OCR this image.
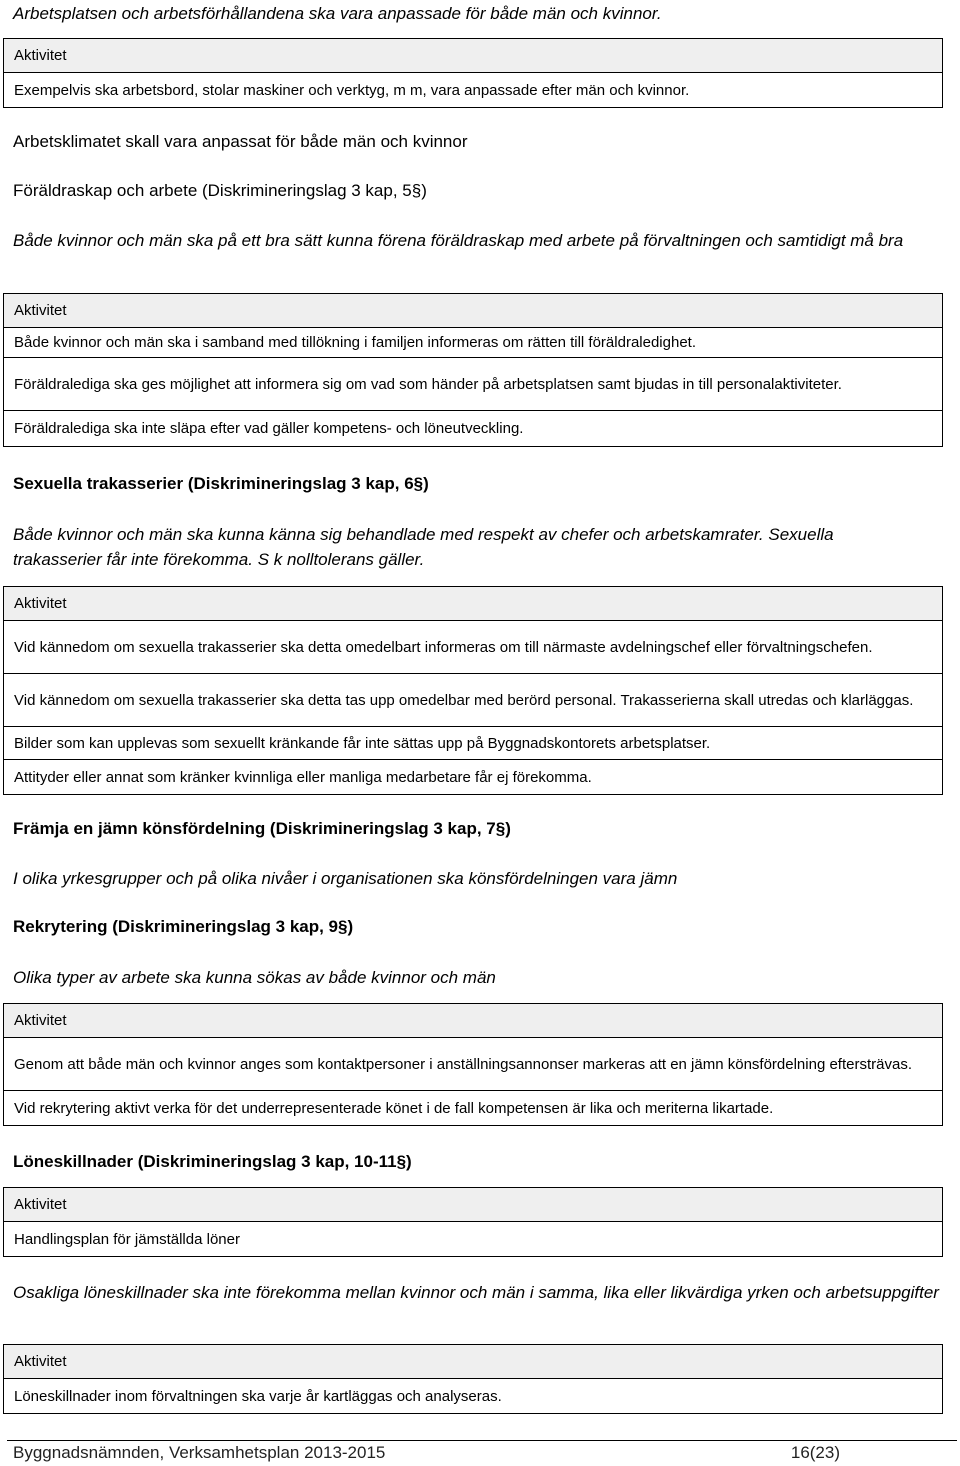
Arbetsplatsen och arbetsförhållandena ska vara anpassade för både män och kvinnor.
Aktivitet
Exempelvis ska arbetsbord, stolar maskiner och verktyg, m m, vara anpassade efter män och kvinnor.
Arbetsklimatet skall vara anpassat för både män och kvinnor
Föräldraskap och arbete (Diskrimineringslag 3 kap, 5§)
Både kvinnor och män ska på ett bra sätt kunna förena föräldraskap med arbete på förvaltningen och samtidigt må bra
Aktivitet
Både kvinnor och män ska i samband med tillökning i familjen informeras om rätten till föräldraledighet.
Föräldralediga ska ges möjlighet att informera sig om vad som händer på arbetsplatsen samt bjudas in till personalaktiviteter.
Föräldralediga ska inte släpa efter vad gäller kompetens- och löneutveckling.
Sexuella trakasserier (Diskrimineringslag 3 kap, 6§)
Både kvinnor och män ska kunna känna sig behandlade med respekt av chefer och arbetskamrater. Sexuella trakasserier får inte förekomma. S k nolltolerans gäller.
Aktivitet
Vid kännedom om sexuella trakasserier ska detta omedelbart informeras om till närmaste avdelningschef eller förvaltningschefen.
Vid kännedom om sexuella trakasserier ska detta tas upp omedelbar med berörd personal. Trakasserierna skall utredas och klarläggas.
Bilder som kan upplevas som sexuellt kränkande får inte sättas upp på Byggnadskontorets arbetsplatser.
Attityder eller annat som kränker kvinnliga eller manliga medarbetare får ej förekomma.
Främja en jämn könsfördelning (Diskrimineringslag 3 kap, 7§)
I olika yrkesgrupper och på olika nivåer i organisationen ska könsfördelningen vara jämn
Rekrytering (Diskrimineringslag 3 kap, 9§)
Olika typer av arbete ska kunna sökas av både kvinnor och män
Aktivitet
Genom att både män och kvinnor anges som kontaktpersoner i anställningsannonser markeras att en jämn könsfördelning eftersträvas.
Vid rekrytering aktivt verka för det underrepresenterade könet i de fall kompetensen är lika och meriterna likartade.
Löneskillnader (Diskrimineringslag 3 kap, 10-11§)
Aktivitet
Handlingsplan för jämställda löner
Osakliga löneskillnader ska inte förekomma mellan kvinnor och män i samma, lika eller likvärdiga yrken och arbetsuppgifter
Aktivitet
Löneskillnader inom förvaltningen ska varje år kartläggas och analyseras.
Byggnadsnämnden, Verksamhetsplan 2013-2015	16(23)
